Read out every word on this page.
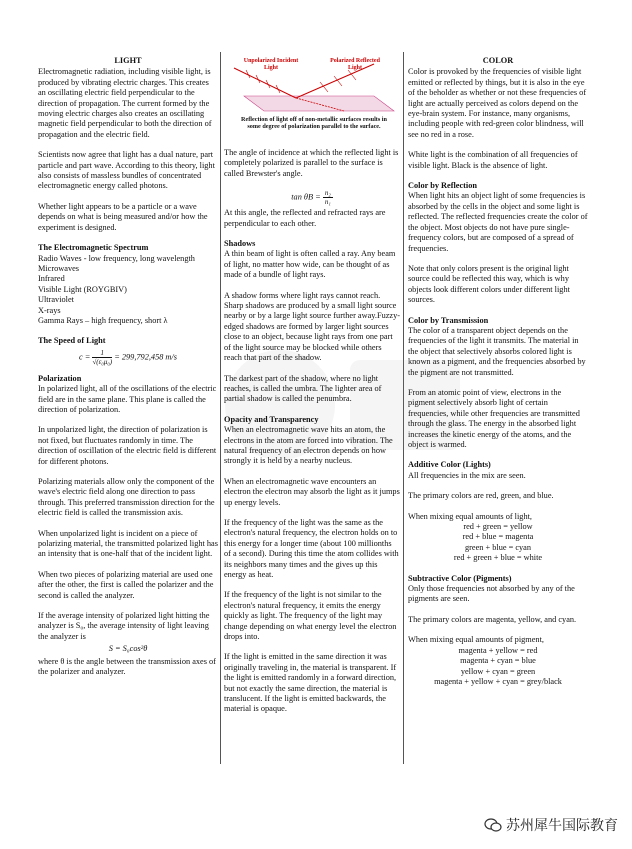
LIGHT

Electromagnetic radiation, including visible light, is produced by vibrating electric charges. This creates an oscillating electric field perpendicular to the direction of propagation. The current formed by the moving electric charges also creates an oscillating magnetic field perpendicular to both the direction of propagation and the electric field.

Scientists now agree that light has a dual nature, part particle and part wave. According to this theory, light also consists of massless bundles of concentrated electromagnetic energy called photons.

Whether light appears to be a particle or a wave depends on what is being measured and/or how the experiment is designed.

The Electromagnetic Spectrum
Radio Waves - low frequency, long wavelength
Microwaves
Infrared
Visible Light (ROYGBIV)
Ultraviolet
X-rays

Gamma Rays – high frequency, short λ

The Speed of Light
$c = \frac{1}{\text{√(ε₀μ₀)}} = 299,792,458$ m/s
Polarization

In polarized light, all of the oscillations of the electric field are in the same plane. This plane is called the direction of polarization.

In unpolarized light, the direction of polarization is not fixed, but fluctuates randomly in time. The direction of oscillation of the electric field is different for different photons.

Polarizing materials allow only the component of the wave's electric field along one direction to pass through. This preferred transmission direction for the electric field is called the transmission axis.

When unpolarized light is incident on a piece of polarizing material, the transmitted polarized light has an intensity that is one-half that of the incident light.

When two pieces of polarizing material are used one after the other, the first is called the polarizer and the second is called the analyzer.

If the average intensity of polarized light hitting the analyzer is S₀, the average intensity of light leaving the analyzer is

S = S₀cos²θ

where θ is the angle between the transmission axes of the polarizer and analyzer.

Unpolarized Incident Light
Polarized Reflected Light
Reflection of light off of non-metallic surfaces results in some degree of polarization parallel to the surface.

The angle of incidence at which the reflected light is completely polarized is parallel to the surface is called Brewster's angle.

$\tan \theta B = \frac{\text{n₂}}{\text{n₁}}$

At this angle, the reflected and refracted rays are perpendicular to each other.

Shadows

A thin beam of light is often called a ray. Any beam of light, no matter how wide, can be thought of as made of a bundle of light rays.

A shadow forms where light rays cannot reach. Sharp shadows are produced by a small light source nearby or by a large light source further away.Fuzzy-edged shadows are formed by larger light sources close to an object, because light rays from one part of the light source may be blocked while others reach that part of the shadow.

The darkest part of the shadow, where no light reaches, is called the umbra. The lighter area of partial shadow is called the penumbra.

Opacity and Transparency

When an electromagnetic wave hits an atom, the electrons in the atom are forced into vibration. The natural frequency of an electron depends on how strongly it is held by a nearby nucleus.

When an electromagnetic wave encounters an electron the electron may absorb the light as it jumps up energy levels.

If the frequency of the light was the same as the electron's natural frequency, the electron holds on to this energy for a longer time (about 100 millionths of a second). During this time the atom collides with its neighbors many times and the gives up this energy as heat.

If the frequency of the light is not similar to the electron's natural frequency, it emits the energy quickly as light. The frequency of the light may change depending on what energy level the electron drops into.

If the light is emitted in the same direction it was originally traveling in, the material is transparent. If the light is emitted randomly in a forward direction, but not exactly the same direction, the material is translucent. If the light is emitted backwards, the material is opaque.

COLOR

Color is provoked by the frequencies of visible light emitted or reflected by things, but it is also in the eye of the beholder as whether or not these frequencies of light are actually perceived as colors depend on the eye-brain system. For instance, many organisms, including people with red-green color blindness, will see no red in a rose.

White light is the combination of all frequencies of visible light. Black is the absence of light.

Color by Reflection

When light hits an object light of some frequencies is absorbed by the cells in the object and some light is reflected. The reflected frequencies create the color of the object. Most objects do not have pure single-frequency colors, but are composed of a spread of frequencies.

Note that only colors present is the original light source could be reflected this way, which is why objects look different colors under different light sources.

Color by Transmission

The color of a transparent object depends on the frequencies of the light it transmits. The material in the object that selectively absorbs colored light is known as a pigment, and the frequencies absorbed by the pigment are not transmitted.

From an atomic point of view, electrons in the pigment selectively absorb light of certain frequencies, while other frequencies are transmitted through the glass. The energy in the absorbed light increases the kinetic energy of the atoms, and the object is warmed.

Additive Color (Lights)

All frequencies in the mix are seen.

The primary colors are red, green, and blue.

When mixing equal amounts of light,
red + green = yellow
red + blue = magenta
green + blue = cyan

red + green + blue = white

Subtractive Color (Pigments)

Only those frequencies not absorbed by any of the pigments are seen.

The primary colors are magenta, yellow, and cyan.

When mixing equal amounts of pigment,
magenta + yellow = red
magenta + cyan = blue
yellow + cyan = green
magenta + yellow + cyan = grey/black
苏州犀牛国际教育
